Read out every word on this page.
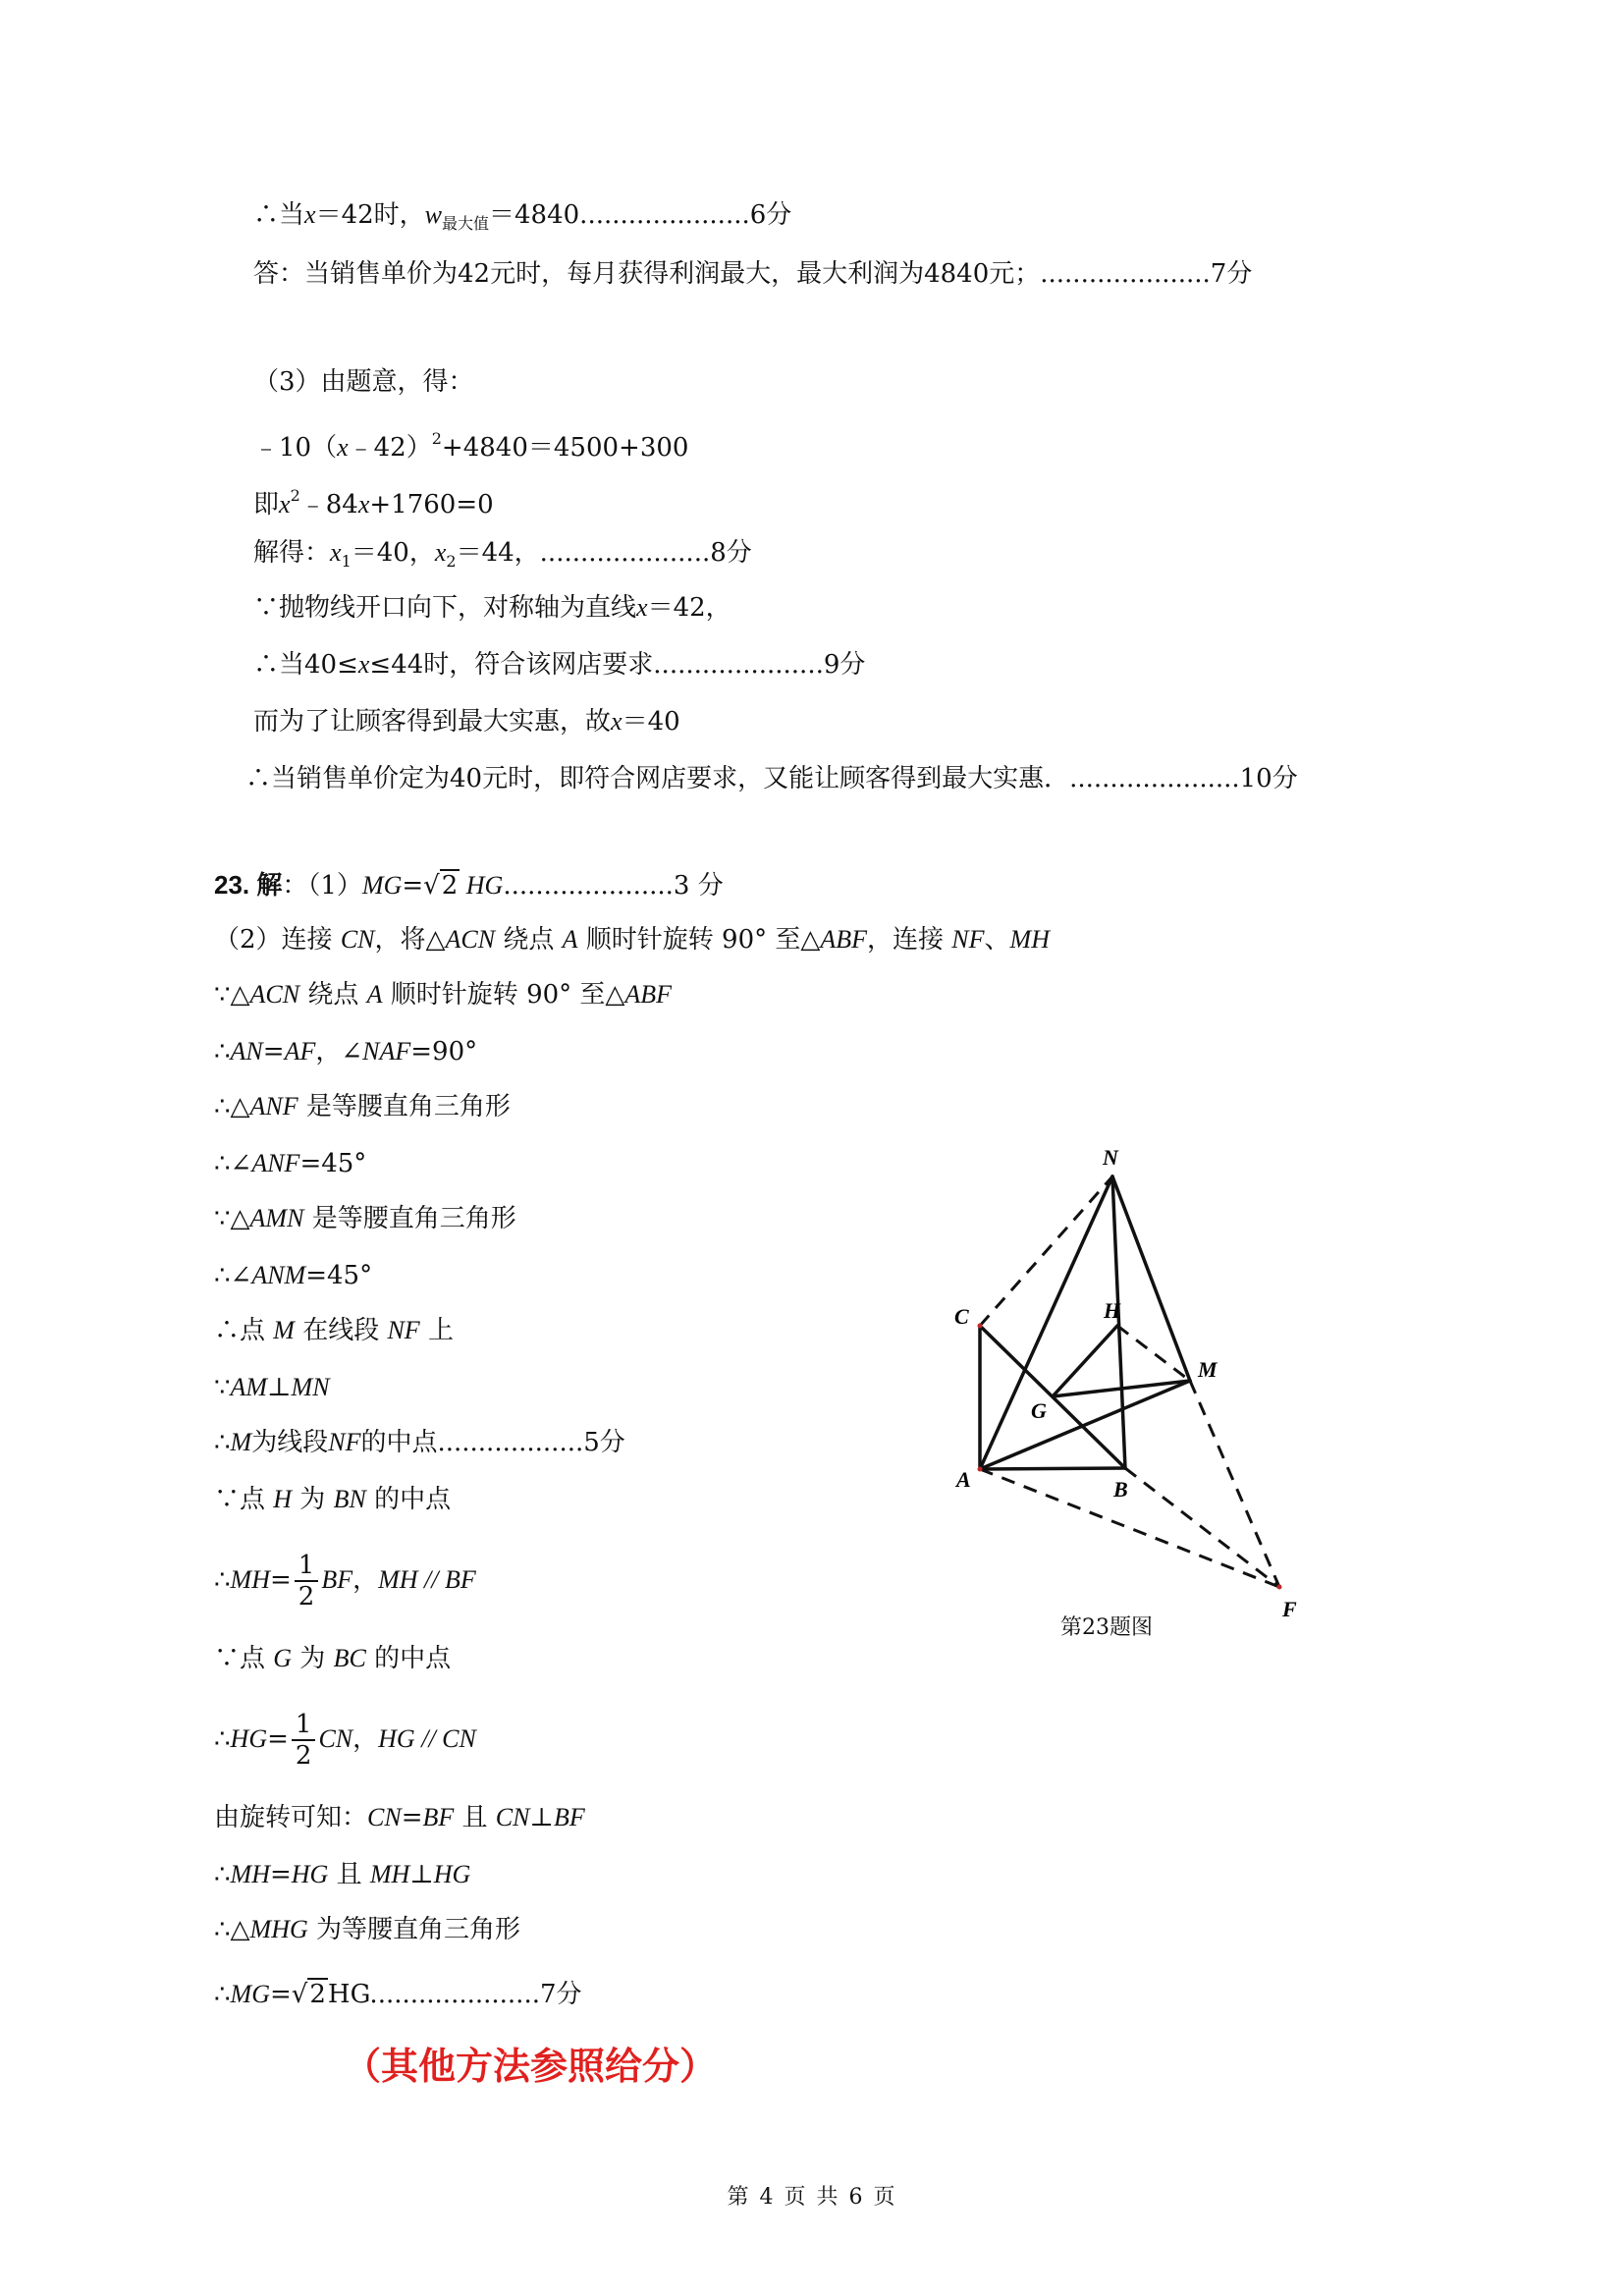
∴当x＝42时，$w_{最大值}=4840.....................6$分
答：当销售单价为42元时，每月获得利润最大，最大利润为4840元；.....................7分
（3）由题意，得：
﹣10（x﹣42）$^2$+4840＝4500+300
即$x^2﹣84x+1760=0$
解得：$x_1=40$，$x_2=44$，.....................8分
∵抛物线开口向下，对称轴为直线x＝42，
∴当40≤x≤44时，符合该网店要求.....................9分
而为了让顾客得到最大实惠，故x＝40
∴当销售单价定为40元时，即符合网店要求，又能让顾客得到最大实惠．.....................10分
23. 解：（1）MG=√2 HG.....................3 分
（2）连接 CN，将△ACN 绕点 A 顺时针旋转 90° 至△ABF，连接 NF、MH
∵△ACN 绕点 A 顺时针旋转 90° 至△ABF
∴AN=AF，∠NAF=90°
∴△ANF 是等腰直角三角形
∴∠ANF=45°
∵△AMN 是等腰直角三角形
∴∠ANM=45°
∴点 M 在线段 NF 上
∵AM⊥MN
∴M为线段NF的中点..................5分
∵点 H 为 BN 的中点
∴MH= $\frac{1}{2}$ BF，MH // BF
∵点 G 为 BC 的中点
∴HG= $\frac{1}{2}$ CN，HG // CN
由旋转可知：CN=BF 且 CN⊥BF
∴MH=HG 且 MH⊥HG
∴△MHG 为等腰直角三角形
∴MG=√2HG.....................7分
（其他方法参照给分）
N
C	H
M
G
A	B
F
第23题图
第 4 页 共 6 页
